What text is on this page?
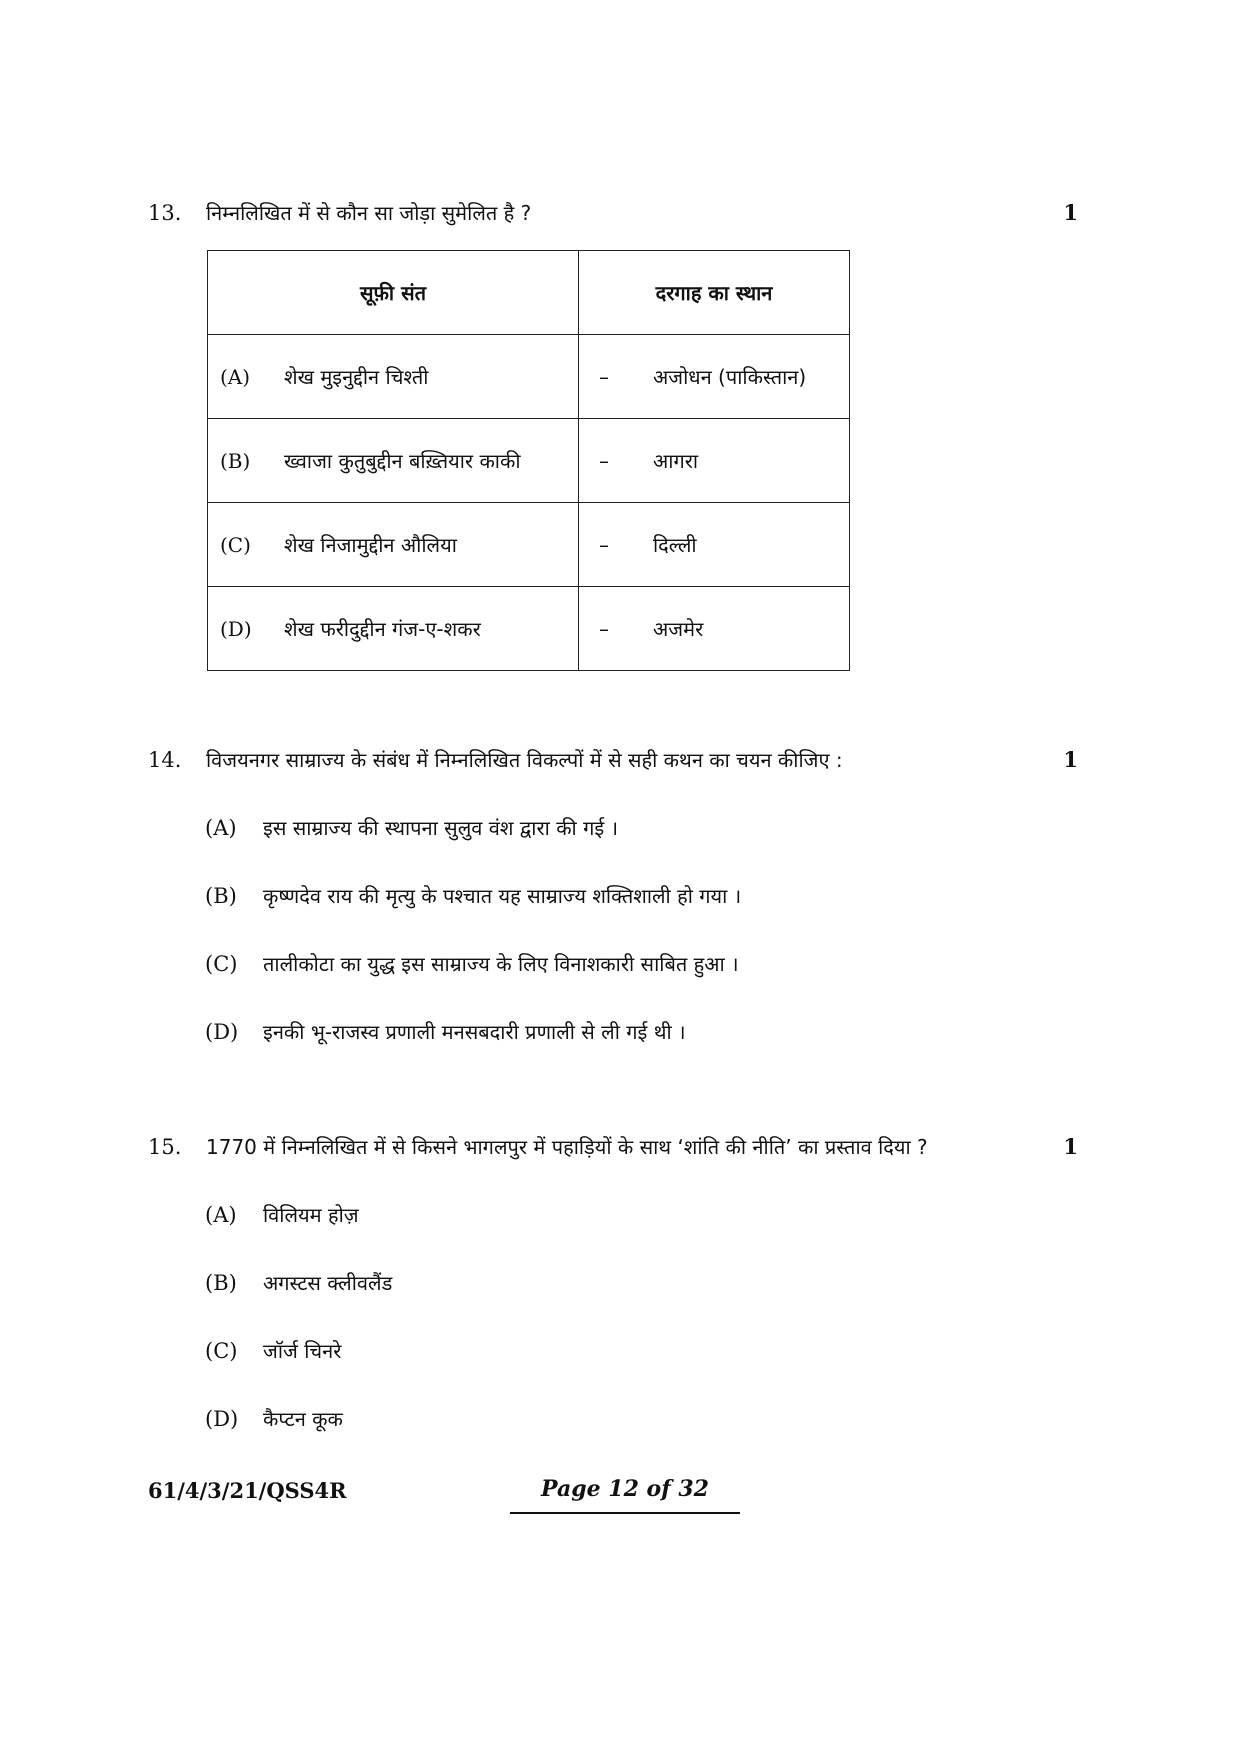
13. निम्नलिखित में से कौन सा जोड़ा सुमेलित है ?	1
सूफ़ी संत	दरगाह का स्थान
(A) शेख मुइनुद्दीन चिश्ती	– अजोधन (पाकिस्तान)
(B) ख्वाजा कुतुबुद्दीन बख़्तियार काकी	– आगरा
(C) शेख निजामुद्दीन औलिया	– दिल्ली
(D) शेख फरीदुद्दीन गंज-ए-शकर	– अजमेर
14. विजयनगर साम्राज्य के संबंध में निम्नलिखित विकल्पों में से सही कथन का चयन कीजिए :	1
(A) इस साम्राज्य की स्थापना सुलुव वंश द्वारा की गई ।
(B) कृष्णदेव राय की मृत्यु के पश्चात यह साम्राज्य शक्तिशाली हो गया ।
(C) तालीकोटा का युद्ध इस साम्राज्य के लिए विनाशकारी साबित हुआ ।
(D) इनकी भू-राजस्व प्रणाली मनसबदारी प्रणाली से ली गई थी ।
15. 1770 में निम्नलिखित में से किसने भागलपुर में पहाड़ियों के साथ ‘शांति की नीति’ का प्रस्ताव दिया ?	1
(A) विलियम होज़
(B) अगस्टस क्लीवलैंड
(C) जॉर्ज चिनरे
(D) कैप्टन कूक
61/4/3/21/QSS4R	Page 12 of 32
